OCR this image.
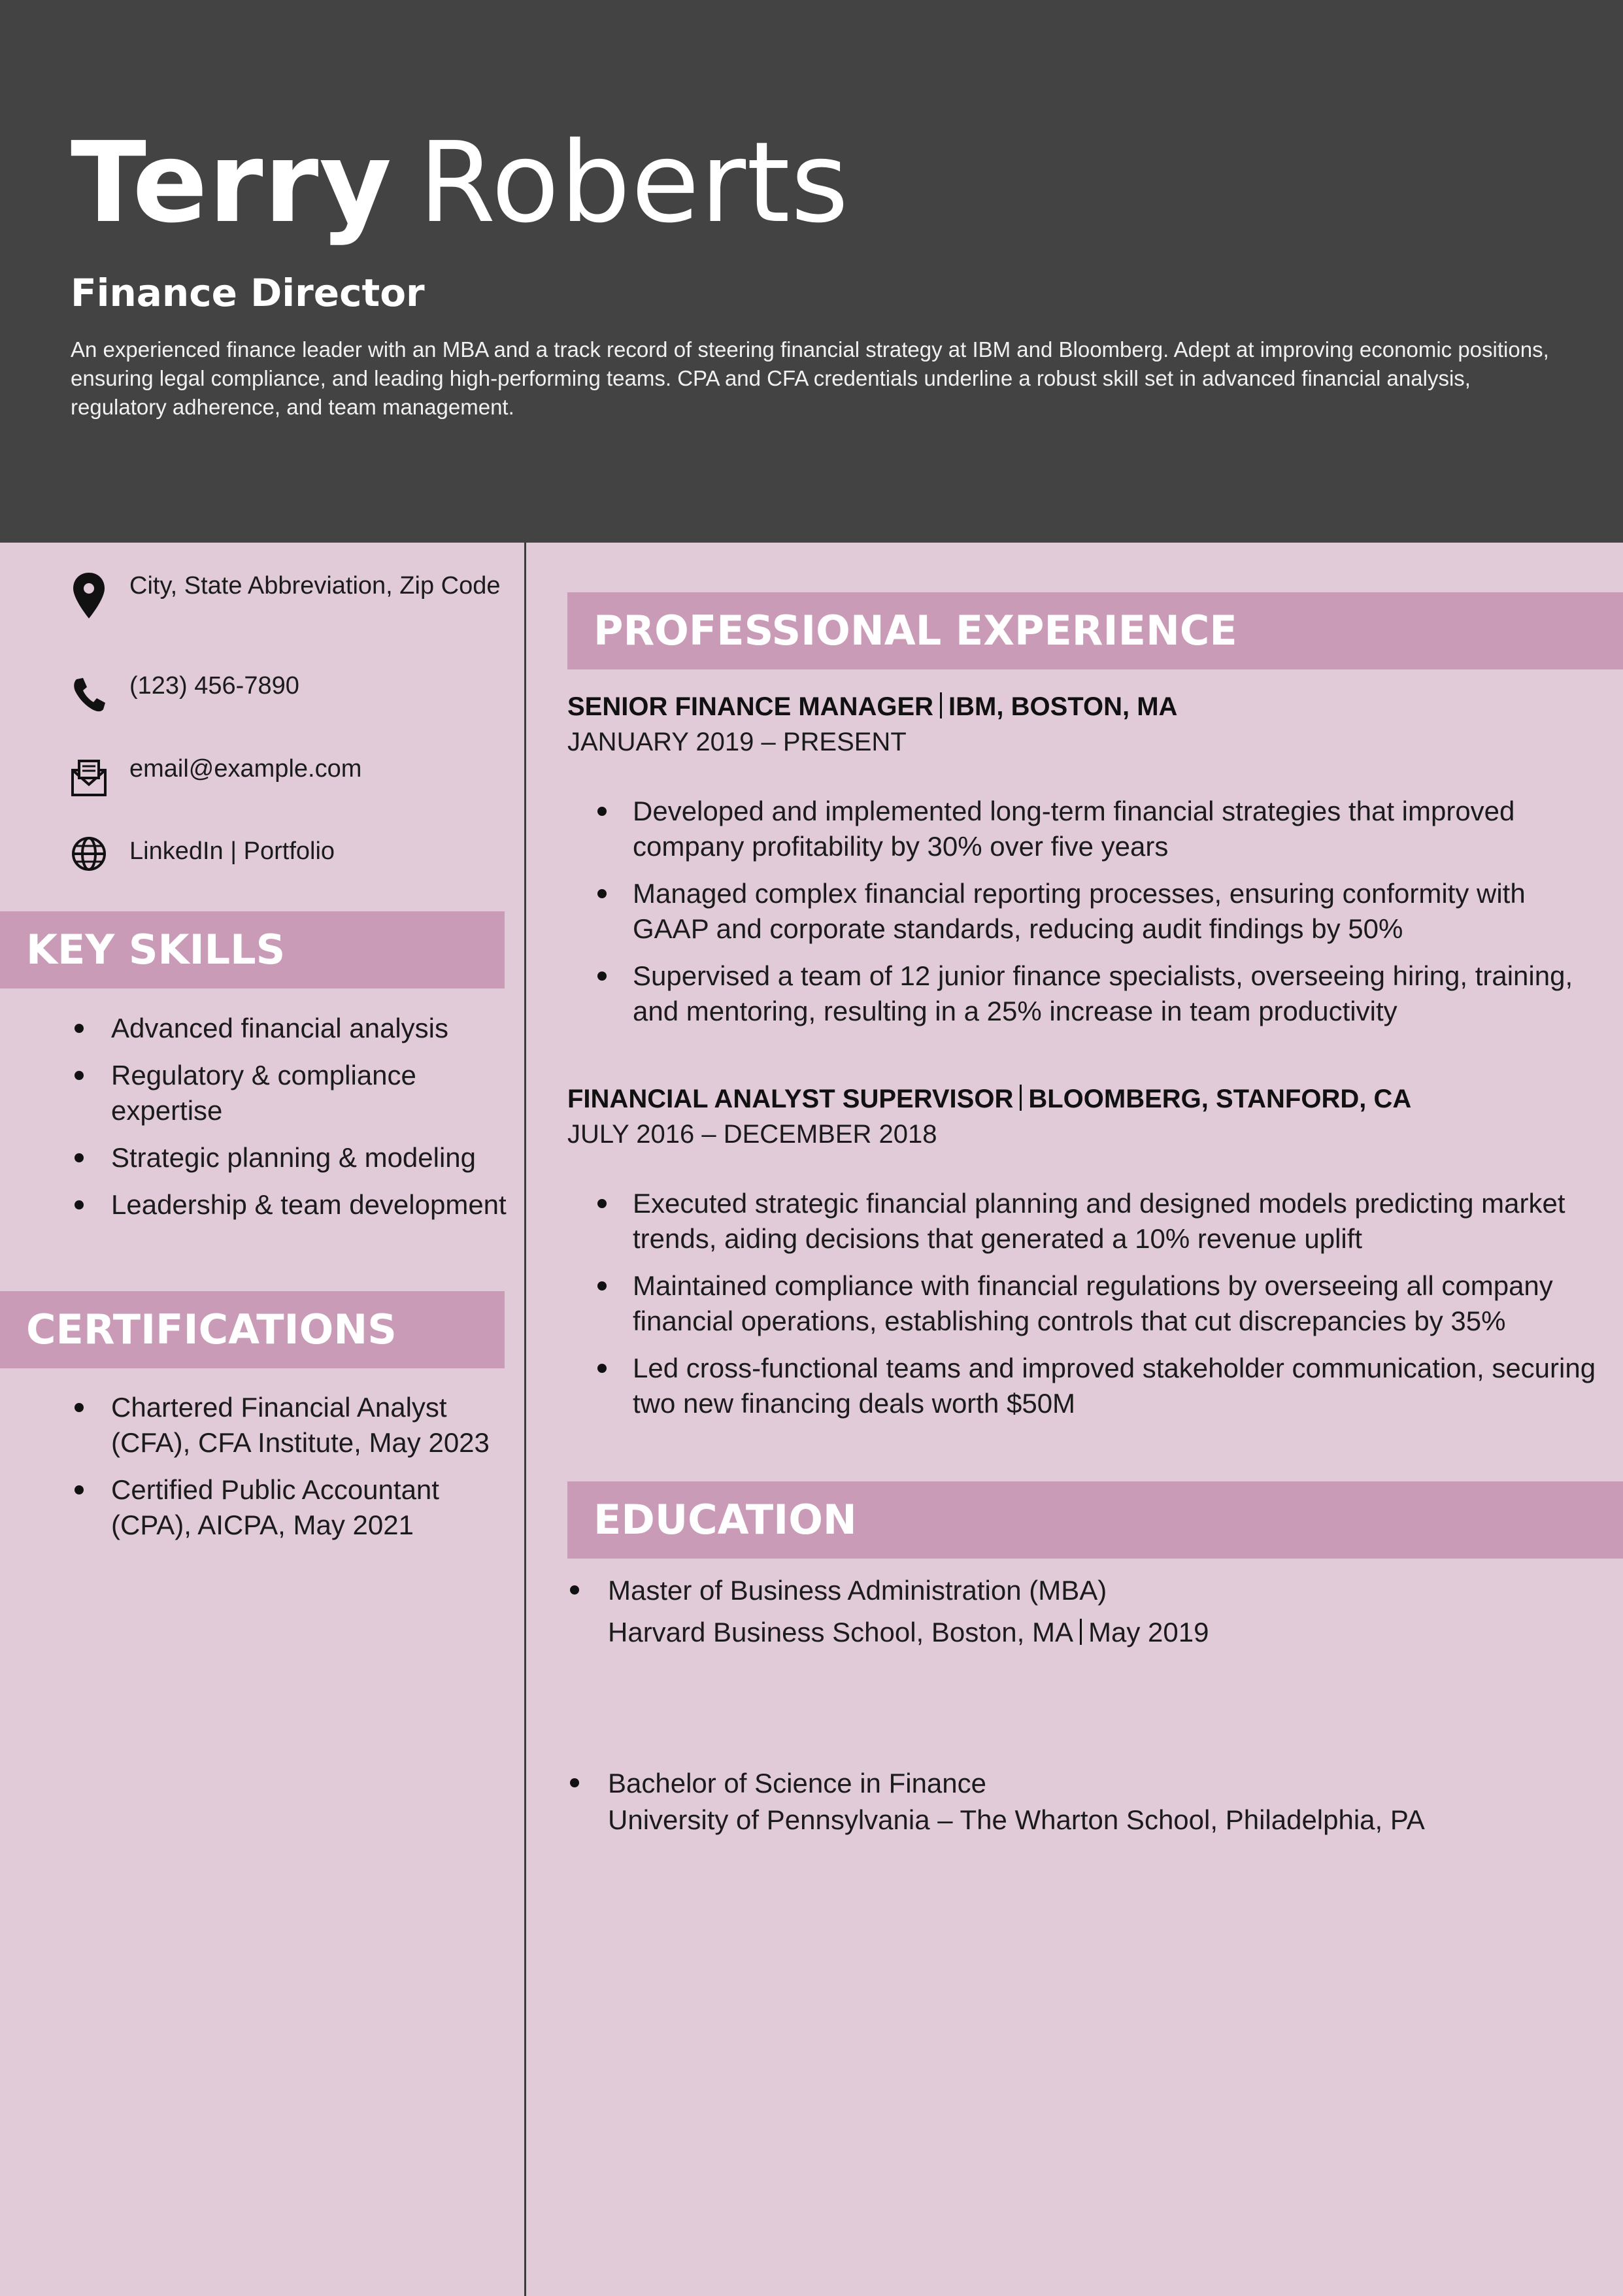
Terry Roberts
Finance Director

An experienced finance leader with an MBA and a track record of steering financial strategy at IBM and Bloomberg. Adept at improving economic positions, ensuring legal compliance, and leading high-performing teams. CPA and CFA credentials underline a robust skill set in advanced financial analysis, regulatory adherence, and team management.

City, State Abbreviation, Zip Code
(123) 456-7890
email@example.com
LinkedIn | Portfolio
KEY SKILLS
Advanced financial analysis
Regulatory & compliance expertise
Strategic planning & modeling
Leadership & team development
CERTIFICATIONS
Chartered Financial Analyst (CFA), CFA Institute, May 2023
Certified Public Accountant (CPA), AICPA, May 2021
PROFESSIONAL EXPERIENCE
SENIOR FINANCE MANAGER IBM, BOSTON, MA
JANUARY 2019 – PRESENT
Developed and implemented long-term financial strategies that improved company profitability by 30% over five years
Managed complex financial reporting processes, ensuring conformity with GAAP and corporate standards, reducing audit findings by 50%
Supervised a team of 12 junior finance specialists, overseeing hiring, training, and mentoring, resulting in a 25% increase in team productivity
FINANCIAL ANALYST SUPERVISOR BLOOMBERG, STANFORD, CA
JULY 2016 – DECEMBER 2018
Executed strategic financial planning and designed models predicting market trends, aiding decisions that generated a 10% revenue uplift
Maintained compliance with financial regulations by overseeing all company financial operations, establishing controls that cut discrepancies by 35%
Led cross-functional teams and improved stakeholder communication, securing two new financing deals worth $50M
EDUCATION
Master of Business Administration (MBA)
Harvard Business School, Boston, MA May 2019
Bachelor of Science in Finance
University of Pennsylvania – The Wharton School, Philadelphia, PA
